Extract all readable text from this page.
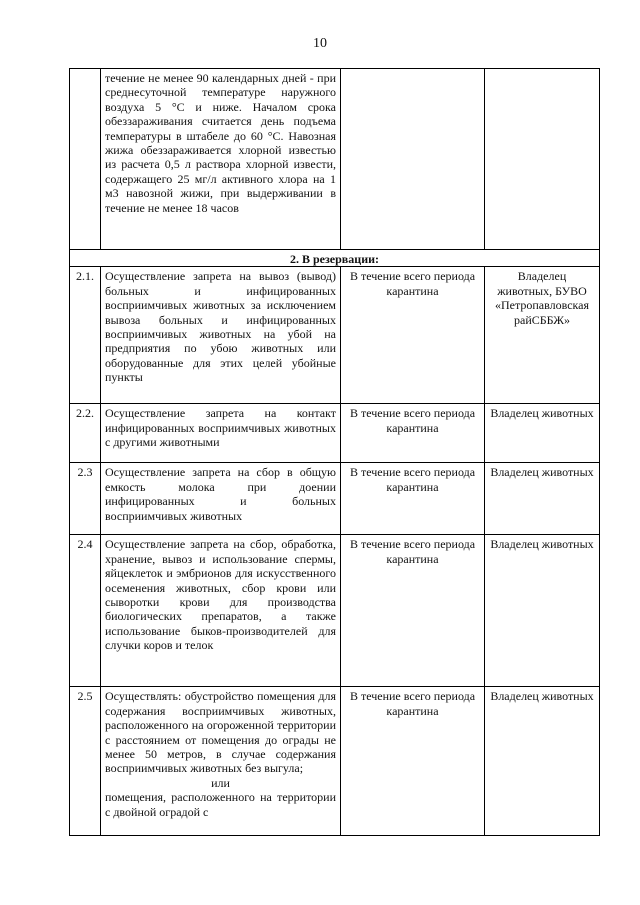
10
	течение не менее 90 календарных дней - при среднесуточной температуре наружного воздуха 5 °С и ниже. Началом срока обеззараживания считается день подъема температуры в штабеле до 60 °С. Навозная жижа обеззараживается хлорной известью из расчета 0,5 л раствора хлорной извести, содержащего 25 мг/л активного хлора на 1 м3 навозной жижи, при выдерживании в течение не менее 18 часов		
2. В резервации:			
2.1.	Осуществление запрета на вывоз (вывод) больных и инфицированных восприимчивых животных за исключением вывоза больных и инфицированных восприимчивых животных на убой на предприятия по убою животных или оборудованные для этих целей убойные пункты	В течение всего периода карантина	Владелец животных, БУВО «Петропавловская райСББЖ»
2.2.	Осуществление запрета на контакт инфицированных восприимчивых животных с другими животными	В течение всего периода карантина	Владелец животных
2.3	Осуществление запрета на сбор в общую емкость молока при доении инфицированных и больных восприимчивых животных	В течение всего периода карантина	Владелец животных
2.4	Осуществление запрета на сбор, обработка, хранение, вывоз и использование спермы, яйцеклеток и эмбрионов для искусственного осеменения животных, сбор крови или сыворотки крови для производства биологических препаратов, а также использование быков-производителей для случки коров и телок	В течение всего периода карантина	Владелец животных
2.5	Осуществлять: обустройство помещения для содержания восприимчивых животных, расположенного на огороженной территории с расстоянием от помещения до ограды не менее 50 метров, в случае содержания восприимчивых животных без выгула;
или
помещения, расположенного на территории с двойной оградой с	В течение всего периода карантина	Владелец животных
